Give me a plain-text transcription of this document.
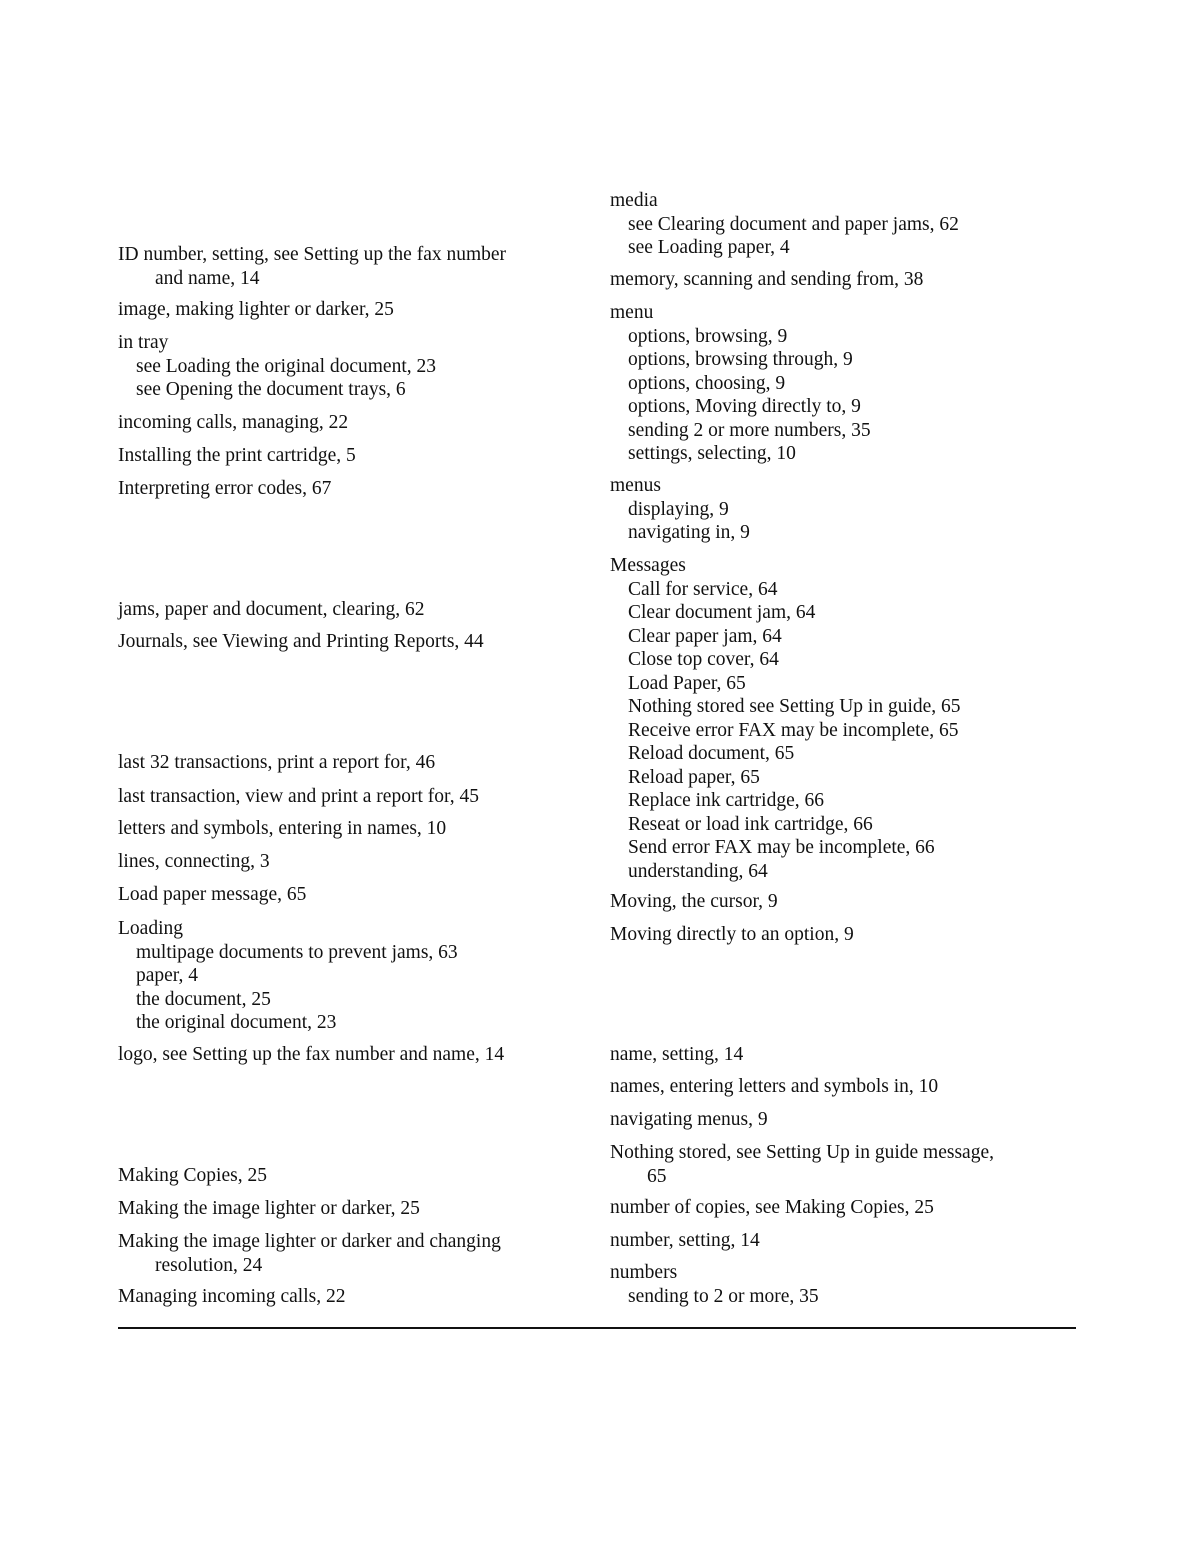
ID number, setting, see Setting up the fax number
and name, 14
image, making lighter or darker, 25
in tray
see Loading the original document, 23
see Opening the document trays, 6
incoming calls, managing, 22
Installing the print cartridge, 5
Interpreting error codes, 67
jams, paper and document, clearing, 62
Journals, see Viewing and Printing Reports, 44
last 32 transactions, print a report for, 46
last transaction, view and print a report for, 45
letters and symbols, entering in names, 10
lines, connecting, 3
Load paper message, 65
Loading
multipage documents to prevent jams, 63
paper, 4
the document, 25
the original document, 23
logo, see Setting up the fax number and name, 14
Making Copies, 25
Making the image lighter or darker, 25
Making the image lighter or darker and changing
resolution, 24
Managing incoming calls, 22
media
see Clearing document and paper jams, 62
see Loading paper, 4
memory, scanning and sending from, 38
menu
options, browsing, 9
options, browsing through, 9
options, choosing, 9
options, Moving directly to, 9
sending 2 or more numbers, 35
settings, selecting, 10
menus
displaying, 9
navigating in, 9
Messages
Call for service, 64
Clear document jam, 64
Clear paper jam, 64
Close top cover, 64
Load Paper, 65
Nothing stored see Setting Up in guide, 65
Receive error FAX may be incomplete, 65
Reload document, 65
Reload paper, 65
Replace ink cartridge, 66
Reseat or load ink cartridge, 66
Send error FAX may be incomplete, 66
understanding, 64
Moving, the cursor, 9
Moving directly to an option, 9
name, setting, 14
names, entering letters and symbols in, 10
navigating menus, 9
Nothing stored, see Setting Up in guide message,
65
number of copies, see Making Copies, 25
number, setting, 14
numbers
sending to 2 or more, 35
